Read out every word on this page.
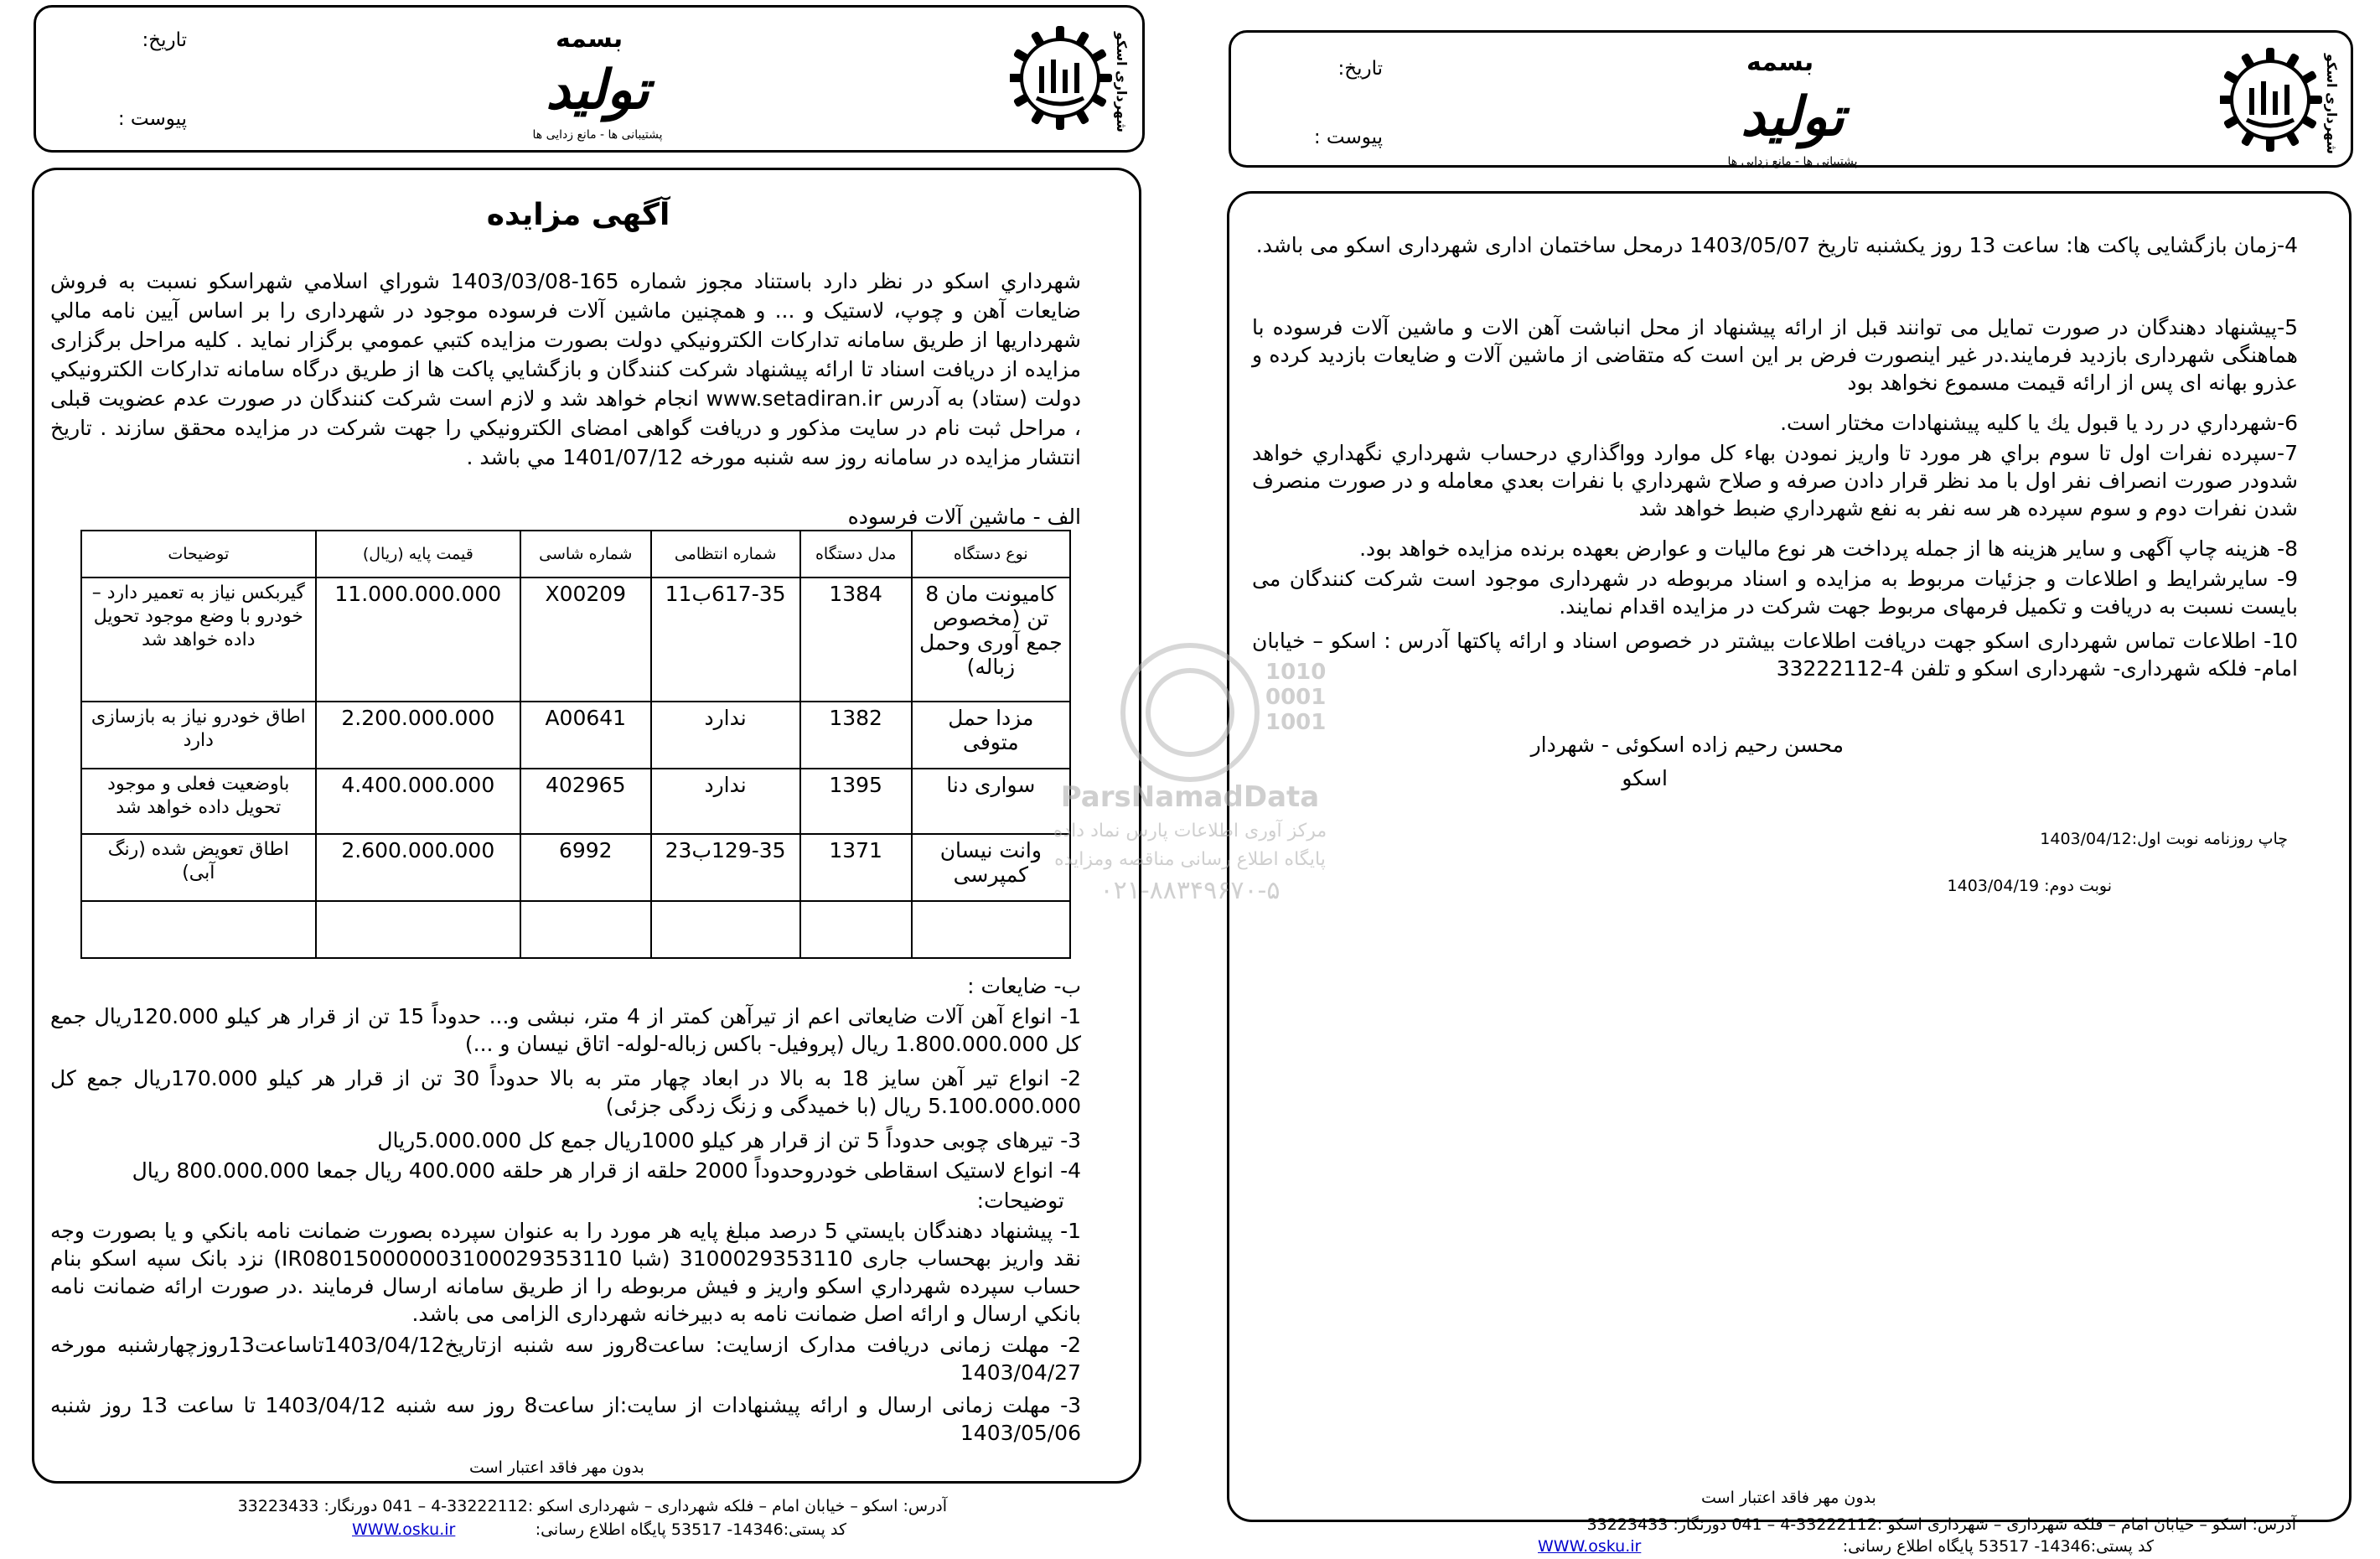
بسمه
تولید
پشتیبانی ها - مانع زدایی ها
تاریخ:
پیوست :	شهرداری اسکو
آگهی مزایده
شهرداري اسكو در نظر دارد باستناد مجوز شماره 165-1403/03/08 شوراي اسلامي شهراسکو نسبت به فروش ضايعات آهن و چوپ، لاستيک و ... و همچنين ماشين آلات فرسوده موجود در شهرداری را بر اساس آيين نامه مالي شهرداريها از طريق سامانه تداركات الكترونيكي دولت بصورت مزايده كتبي عمومي برگزار نمايد . كليه مراحل برگزاری مزايده از دريافت اسناد تا ارائه پيشنهاد شركت كنندگان و بازگشايي پاكت ها از طريق درگاه سامانه تداركات الكترونيكي دولت (ستاد) به آدرس www.setadiran.ir انجام خواهد شد و لازم است شركت كنندگان در صورت عدم عضويت قبلی ، مراحل ثبت نام در سايت مذكور و دريافت گواهی امضای الكترونيكي را جهت شركت در مزايده محقق سازند . تاريخ انتشار مزايده در سامانه روز سه شنبه مورخه 1401/07/12 مي باشد .
الف - ماشين آلات فرسوده
نوع دستگاه	مدل دستگاه	شماره انتظامی	شماره شاسی	قیمت پایه (ریال)	توضیحات
کامیونت مان 8 تن (مخصوص جمع آوری وحمل زباله)	1384	617-35ب11	X00209	11.000.000.000	گیربکس نیاز به تعمیر دارد – خودرو با وضع موجود تحویل داده خواهد شد
مزدا حمل متوفی	1382	ندارد	A00641	2.200.000.000	اطاق خودرو نیاز به بازسازی دارد
سواری دنا	1395	ندارد	402965	4.400.000.000	باوضعیت فعلی و موجود تحویل داده خواهد شد
وانت نیسان کمپرسی	1371	129-35ب23	6992	2.600.000.000	اطاق تعویض شده (رنگ آبی)

ب- ضایعات :
1- انواع آهن آلات ضایعاتی اعم از تیرآهن کمتر از 4 متر، نبشی و... حدوداً 15 تن از قرار هر کیلو 120.000ریال جمع کل 1.800.000.000 ریال (پروفیل- باکس زباله-لوله- اتاق نیسان و ...)
2- انواع تیر آهن سایز 18 به بالا در ابعاد چهار متر به بالا حدوداً 30 تن از قرار هر کیلو 170.000ریال جمع کل 5.100.000.000 ریال (با خمیدگی و زنگ زدگی جزئی)
3- تیرهای چوبی حدوداً 5 تن از قرار هر کیلو 1000ریال جمع کل 5.000.000ریال
4- انواع لاستیک اسقاطی خودروحدوداً 2000 حلقه از قرار هر حلقه 400.000 ریال جمعا 800.000.000 ریال
توضیحات:
1- پيشنهاد دهندگان بايستي 5 درصد مبلغ پايه هر مورد را به عنوان سپرده بصورت ضمانت نامه بانكي و يا بصورت وجه نقد واريز بهحساب جاری 3100029353110 (شبا IR080150000003100029353110) نزد بانک سپه اسكو بنام حساب سپرده شهرداري اسکو واريز و فيش مربوطه را از طريق سامانه ارسال فرمايند .در صورت ارائه ضمانت نامه بانكي ارسال و ارائه اصل ضمانت نامه به دبيرخانه شهرداری الزامی می باشد.
2- مهلت زمانی دریافت مدارک ازسایت: ساعت8روز سه شنبه ازتاریخ1403/04/12تاساعت13روزچهارشنبه مورخه 1403/04/27
3- مهلت زمانی ارسال و ارائه پیشنهادات از سایت:از ساعت8 روز سه شنبه 1403/04/12 تا ساعت 13 روز شنبه 1403/05/06
بدون مهر فاقد اعتبار است
آدرس: اسکو – خیابان امام – فلکه شهرداری – شهرداری اسکو :33222112-4 – 041 دورنگار: 33223433
کد پستی:14346- 53517 پایگاه اطلاع رسانی:
WWW.osku.ir
بسمه
تولید
پشتیبانی ها - مانع زدایی ها
تاریخ:
پیوست :	شهرداری اسکو
4-زمان بازگشایی پاکت ها: ساعت 13 روز یکشنبه تاریخ 1403/05/07 درمحل ساختمان اداری شهرداری اسکو می باشد.
5-پیشنهاد دهندگان در صورت تمایل می توانند قبل از ارائه پیشنهاد از محل انباشت آهن الات و ماشین آلات فرسوده با هماهنگی شهرداری بازدید فرمایند.در غیر اینصورت فرض بر این است که متقاضی از ماشین آلات و ضایعات بازدید کرده و عذرو بهانه ای پس از ارائه قیمت مسموع نخواهد بود
6-شهرداري در رد یا قبول يك يا كليه پيشنهادات مختار است.
7-سپرده نفرات اول تا سوم براي هر مورد تا واريز نمودن بهاء كل موارد وواگذاري درحساب شهرداري نگهداري خواهد شدودر صورت انصراف نفر اول با مد نظر قرار دادن صرفه و صلاح شهرداري با نفرات بعدي معامله و در صورت منصرف شدن نفرات دوم و سوم سپرده هر سه نفر به نفع شهرداري ضبط خواهد شد
8- هزینه چاپ آگهی و سایر هزینه ها از جمله پرداخت هر نوع مالیات و عوارض بعهده برنده مزایده خواهد بود.
9- سايرشرايط و اطلاعات و جزئيات مربوط به مزايده و اسناد مربوطه در شهرداری موجود است شرکت کنندگان می بایست نسبت به دریافت و تکمیل فرمهای مربوط جهت شرکت در مزایده اقدام نمایند.
10- اطلاعات تماس شهرداری اسکو جهت دریافت اطلاعات بیشتر در خصوص اسناد و ارائه پاکتها آدرس : اسکو – خیابان امام- فلکه شهرداری- شهرداری اسکو و تلفن 4-33222112
محسن رحیم زاده اسکوئی - شهردار
اسکو
چاپ روزنامه نوبت اول:1403/04/12
نوبت دوم: 1403/04/19
بدون مهر فاقد اعتبار است
آدرس: اسکو – خیابان امام – فلکه شهرداری – شهرداری اسکو :33222112-4 – 041 دورنگار: 33223433
کد پستی:14346- 53517 پایگاه اطلاع رسانی:
WWW.osku.ir
1010
0001
1001
ParsNamadData
مرکز آوری اطلاعات پارس نماد داده
پایگاه اطلاع رسانی مناقصه ومزایده
۰۲۱-۸۸۳۴۹۶۷۰-۵
